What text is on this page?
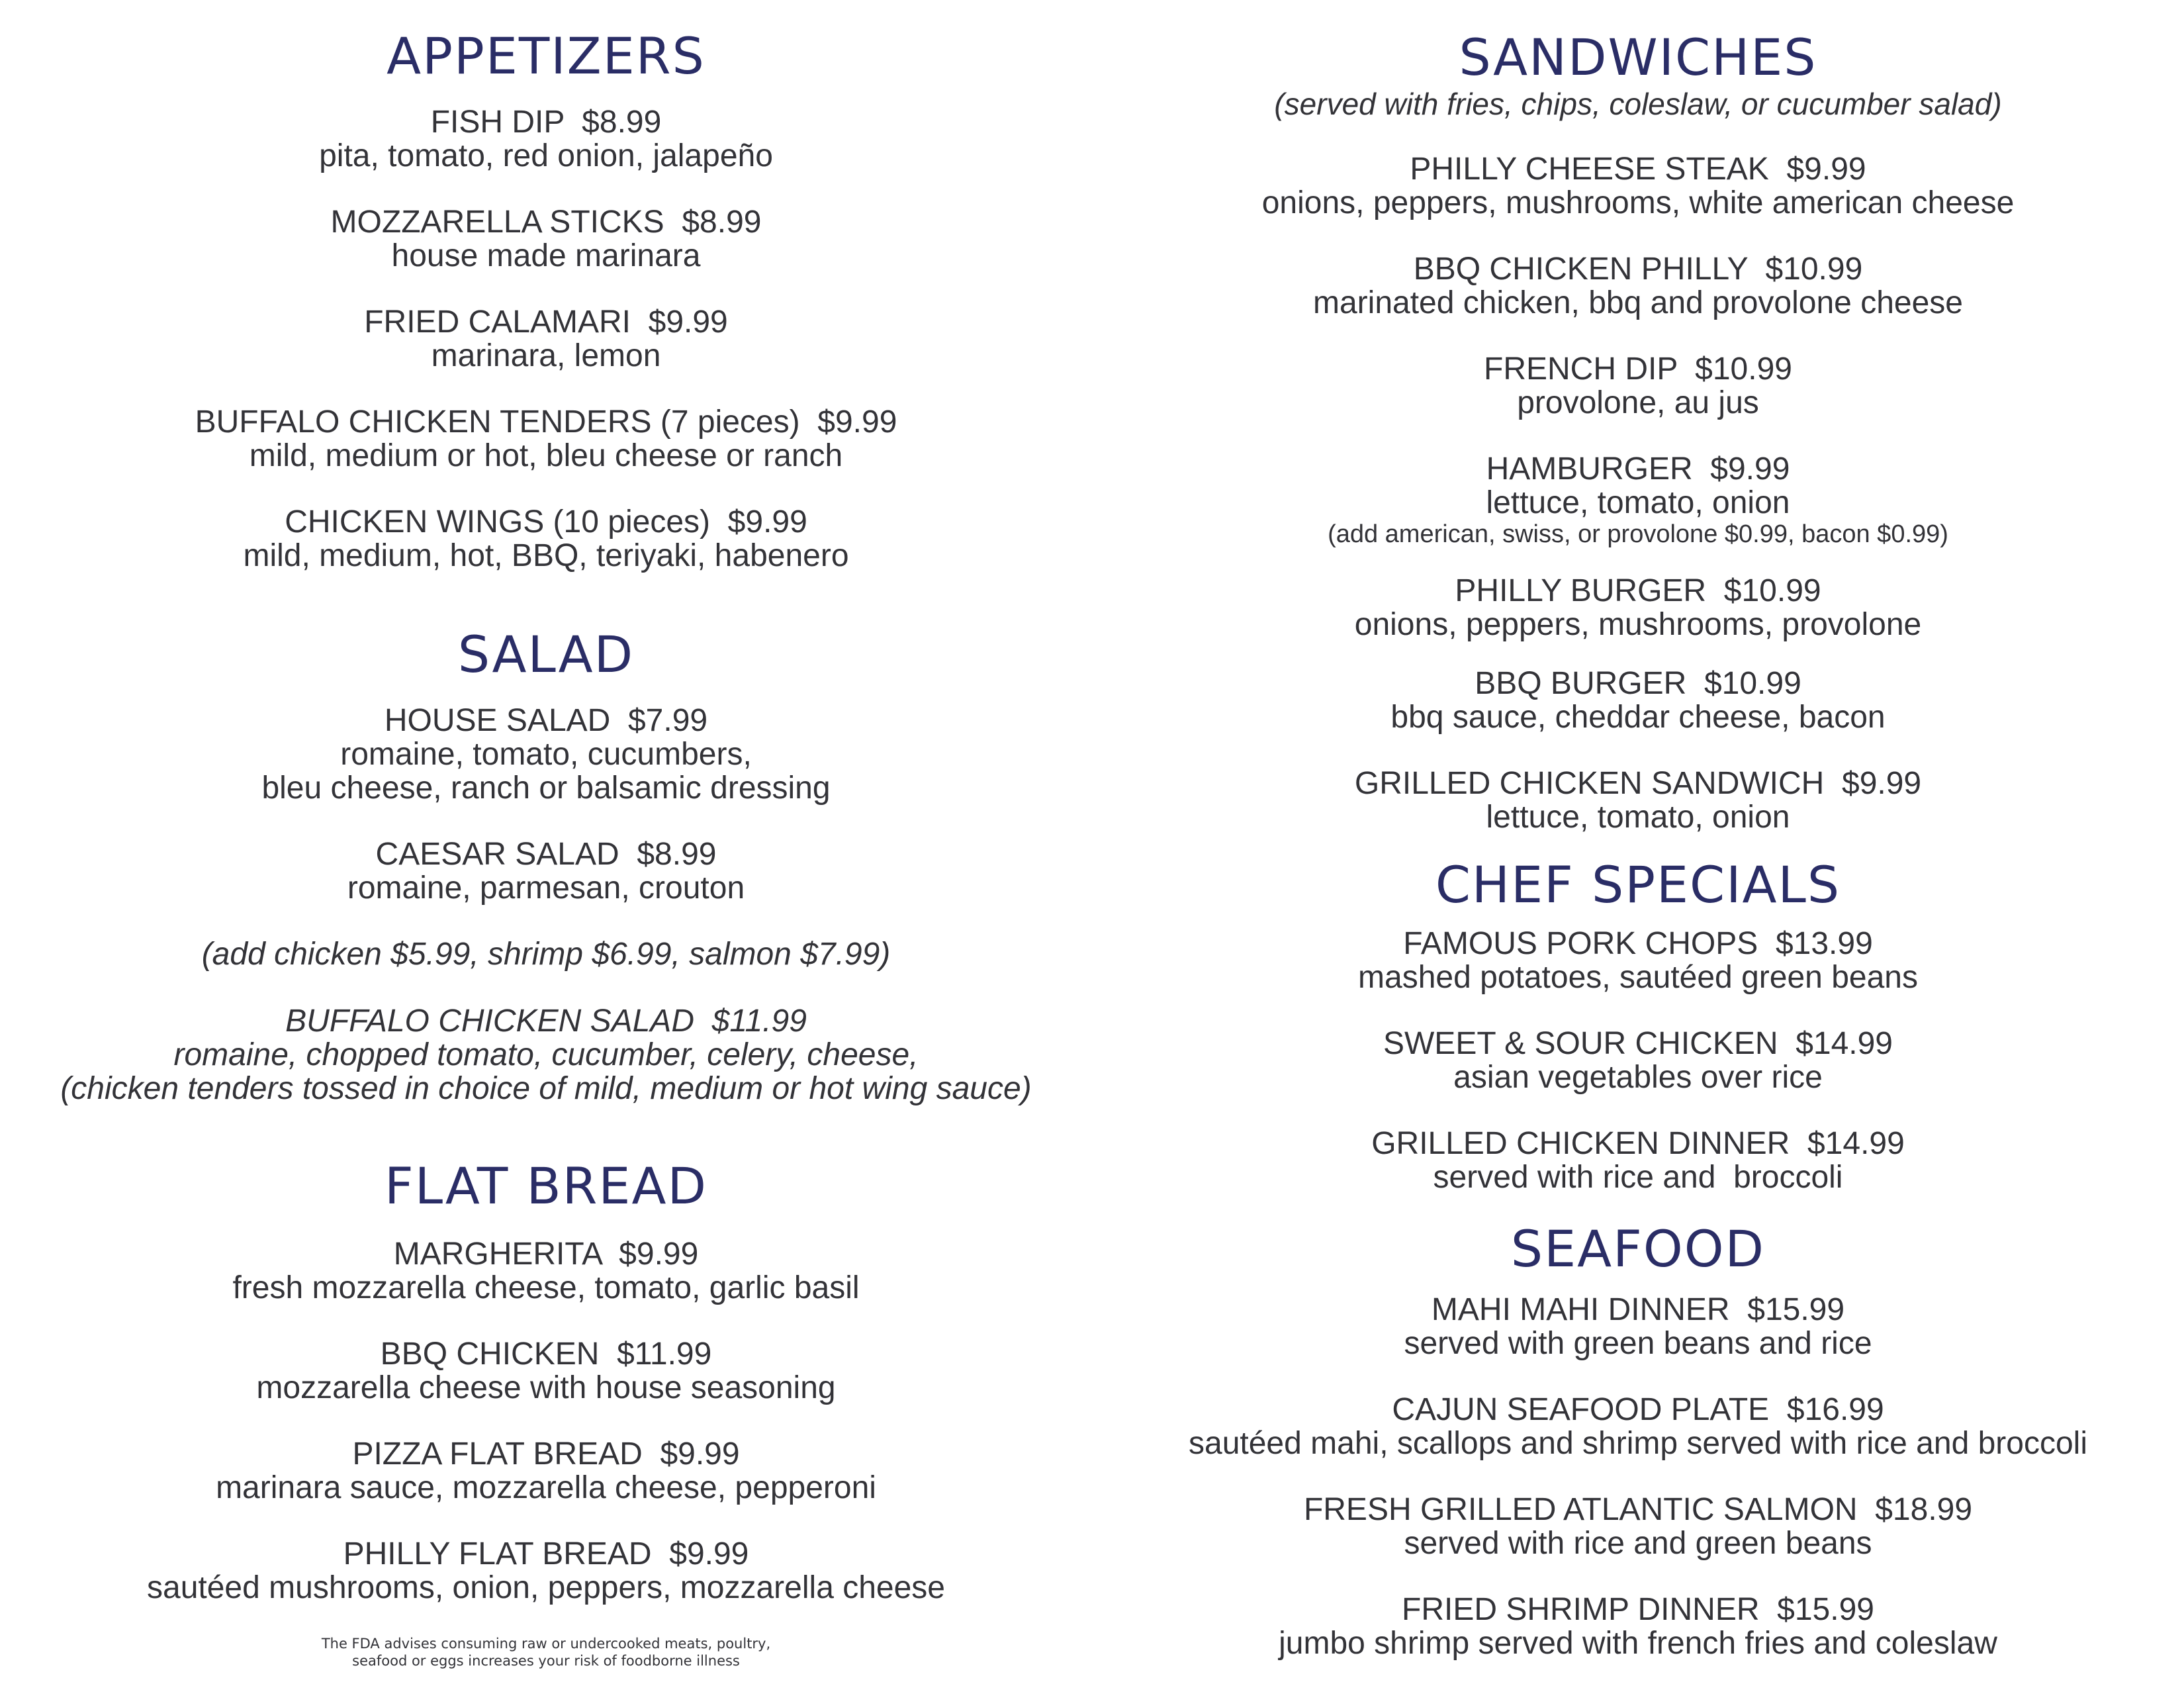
APPETIZERS
FISH DIP  $8.99
pita, tomato, red onion, jalapeño
MOZZARELLA STICKS  $8.99
house made marinara
FRIED CALAMARI  $9.99
marinara, lemon
BUFFALO CHICKEN TENDERS (7 pieces)  $9.99
mild, medium or hot, bleu cheese or ranch
CHICKEN WINGS (10 pieces)  $9.99
mild, medium, hot, BBQ, teriyaki, habenero
SALAD
HOUSE SALAD  $7.99
romaine, tomato, cucumbers,
bleu cheese, ranch or balsamic dressing
CAESAR SALAD  $8.99
romaine, parmesan, crouton
(add chicken $5.99, shrimp $6.99, salmon $7.99)
BUFFALO CHICKEN SALAD  $11.99
romaine, chopped tomato, cucumber, celery, cheese,
(chicken tenders tossed in choice of mild, medium or hot wing sauce)
FLAT BREAD
MARGHERITA  $9.99
fresh mozzarella cheese, tomato, garlic basil
BBQ CHICKEN  $11.99
mozzarella cheese with house seasoning
PIZZA FLAT BREAD  $9.99
marinara sauce, mozzarella cheese, pepperoni
PHILLY FLAT BREAD  $9.99
sautéed mushrooms, onion, peppers, mozzarella cheese
The FDA advises consuming raw or undercooked meats, poultry,
seafood or eggs increases your risk of foodborne illness
SANDWICHES
(served with fries, chips, coleslaw, or cucumber salad)
PHILLY CHEESE STEAK  $9.99
onions, peppers, mushrooms, white american cheese
BBQ CHICKEN PHILLY  $10.99
marinated chicken, bbq and provolone cheese
FRENCH DIP  $10.99
provolone, au jus
HAMBURGER  $9.99
lettuce, tomato, onion
(add american, swiss, or provolone $0.99, bacon $0.99)
PHILLY BURGER  $10.99
onions, peppers, mushrooms, provolone
BBQ BURGER  $10.99
bbq sauce, cheddar cheese, bacon
GRILLED CHICKEN SANDWICH  $9.99
lettuce, tomato, onion
CHEF SPECIALS
FAMOUS PORK CHOPS  $13.99
mashed potatoes, sautéed green beans
SWEET & SOUR CHICKEN  $14.99
asian vegetables over rice
GRILLED CHICKEN DINNER  $14.99
served with rice and  broccoli
SEAFOOD
MAHI MAHI DINNER  $15.99
served with green beans and rice
CAJUN SEAFOOD PLATE  $16.99
sautéed mahi, scallops and shrimp served with rice and broccoli
FRESH GRILLED ATLANTIC SALMON  $18.99
served with rice and green beans
FRIED SHRIMP DINNER  $15.99
jumbo shrimp served with french fries and coleslaw
